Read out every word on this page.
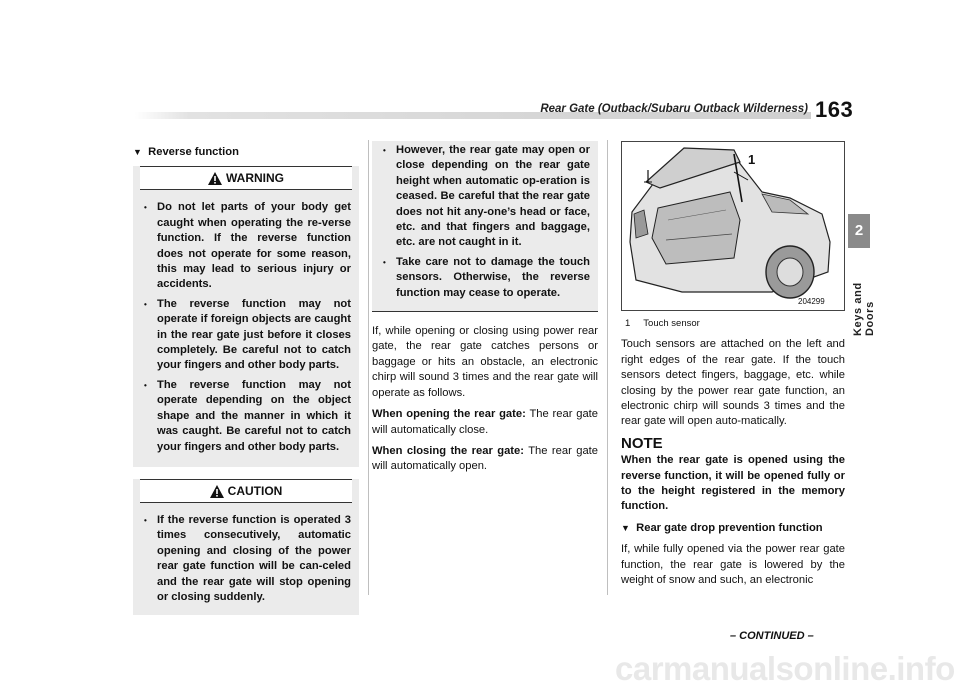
Rear Gate (Outback/Subaru Outback Wilderness) 163
2
Keys and Doors
▼ Reverse function
WARNING
• Do not let parts of your body get caught when operating the re-verse function. If the reverse function does not operate for some reason, this may lead to serious injury or accidents.
• The reverse function may not operate if foreign objects are caught in the rear gate just before it closes completely. Be careful not to catch your fingers and other body parts.
• The reverse function may not operate depending on the object shape and the manner in which it was caught. Be careful not to catch your fingers and other body parts.
CAUTION
• If the reverse function is operated 3 times consecutively, automatic opening and closing of the power rear gate function will be can-celed and the rear gate will stop opening or closing suddenly.
• However, the rear gate may open or close depending on the rear gate height when automatic op-eration is ceased. Be careful that the rear gate does not hit any-one’s head or face, etc. and that fingers and baggage, etc. are not caught in it.
• Take care not to damage the touch sensors. Otherwise, the reverse function may cease to operate.

If, while opening or closing using power rear gate, the rear gate catches persons or baggage or hits an obstacle, an electronic chirp will sound 3 times and the rear gate will operate as follows.

When opening the rear gate: The rear gate will automatically close.

When closing the rear gate: The rear gate will automatically open.

1
204299
1     Touch sensor

Touch sensors are attached on the left and right edges of the rear gate. If the touch sensors detect fingers, baggage, etc. while closing by the power rear gate function, an electronic chirp will sounds 3 times and the rear gate will open auto-matically.

NOTE

When the rear gate is opened using the reverse function, it will be opened fully or to the height registered in the memory function.

▼ Rear gate drop prevention function

If, while fully opened via the power rear gate function, the rear gate is lowered by the weight of snow and such, an electronic

– CONTINUED –
carmanualsonline.info
